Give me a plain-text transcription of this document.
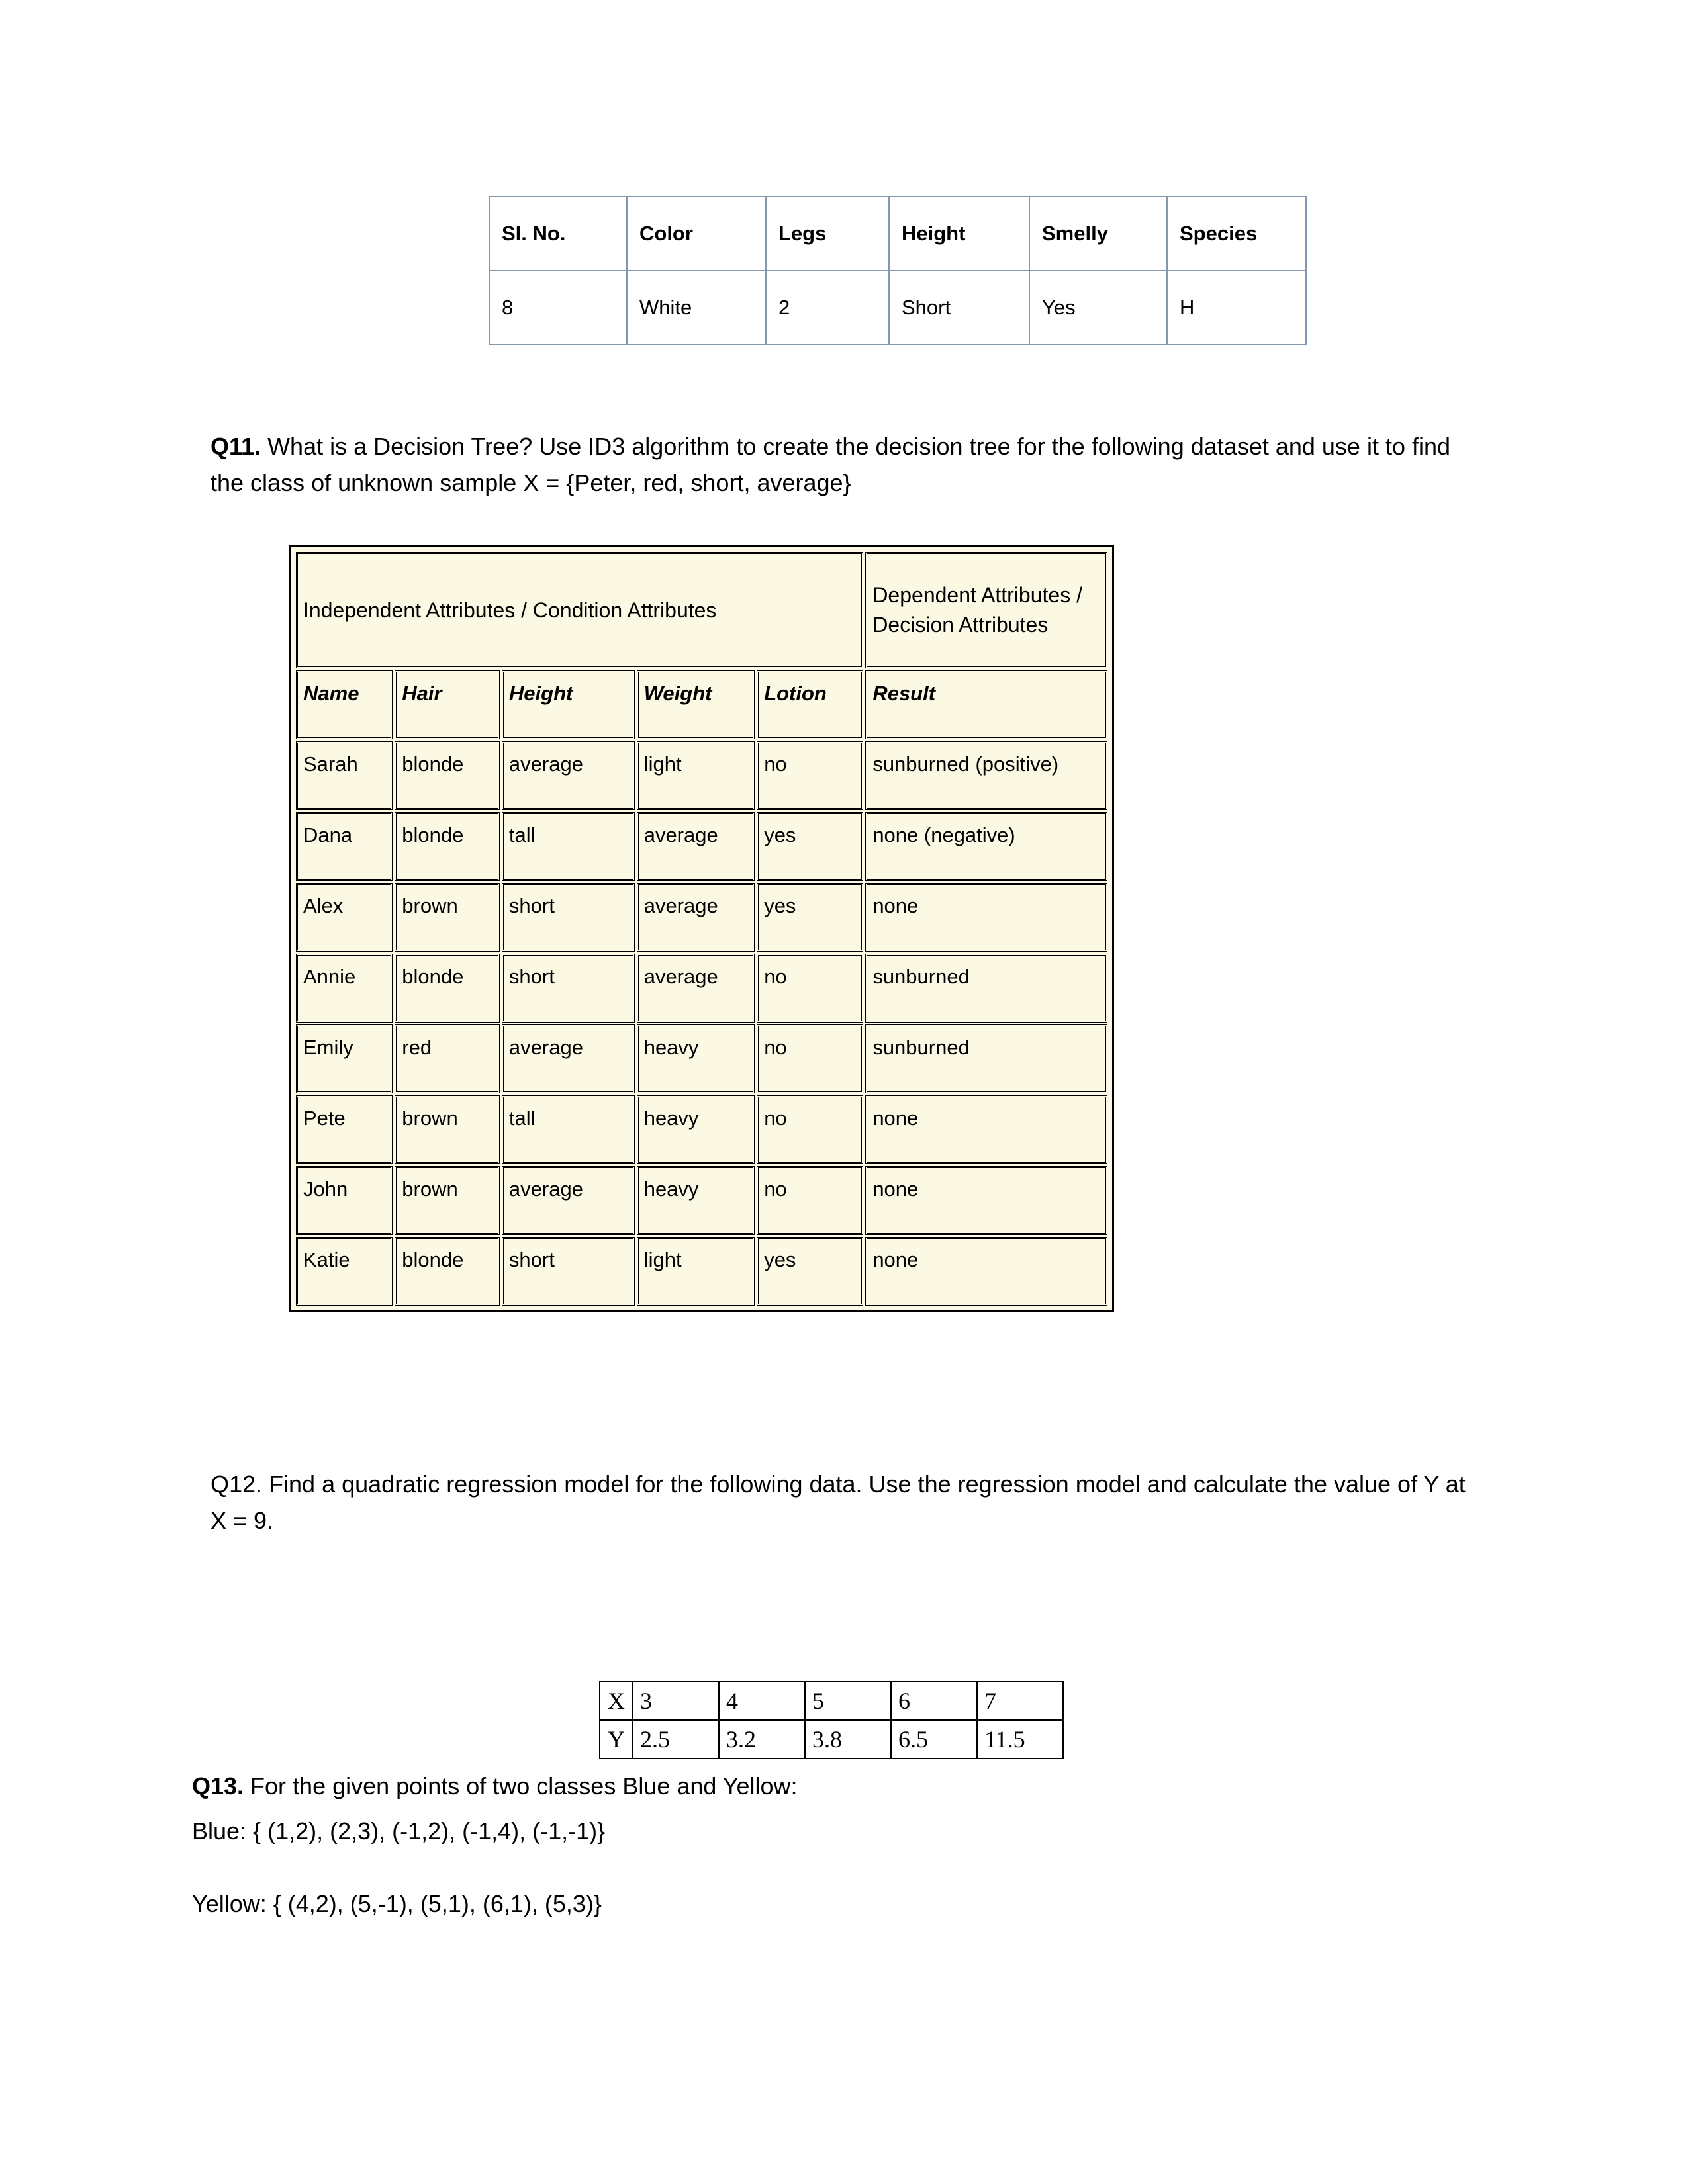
Sl. No.	Color	Legs	Height	Smelly	Species
8	White	2	Short	Yes	H
Q11. What is a Decision Tree? Use ID3 algorithm to create the decision tree for the following dataset and use it to find the class of unknown sample X = {Peter, red, short, average}
Independent Attributes / Condition Attributes					Dependent Attributes / Decision Attributes
Name	Hair	Height	Weight	Lotion	Result
Sarah	blonde	average	light	no	sunburned (positive)
Dana	blonde	tall	average	yes	none (negative)
Alex	brown	short	average	yes	none
Annie	blonde	short	average	no	sunburned
Emily	red	average	heavy	no	sunburned
Pete	brown	tall	heavy	no	none
John	brown	average	heavy	no	none
Katie	blonde	short	light	yes	none
Q12. Find a quadratic regression model for the following data. Use the regression model and calculate the value of Y at X = 9.
X	3	4	5	6	7
Y	2.5	3.2	3.8	6.5	11.5
Q13. For the given points of two classes Blue and Yellow:
Blue: { (1,2), (2,3), (-1,2), (-1,4), (-1,-1)}
Yellow: { (4,2), (5,-1), (5,1), (6,1), (5,3)}
